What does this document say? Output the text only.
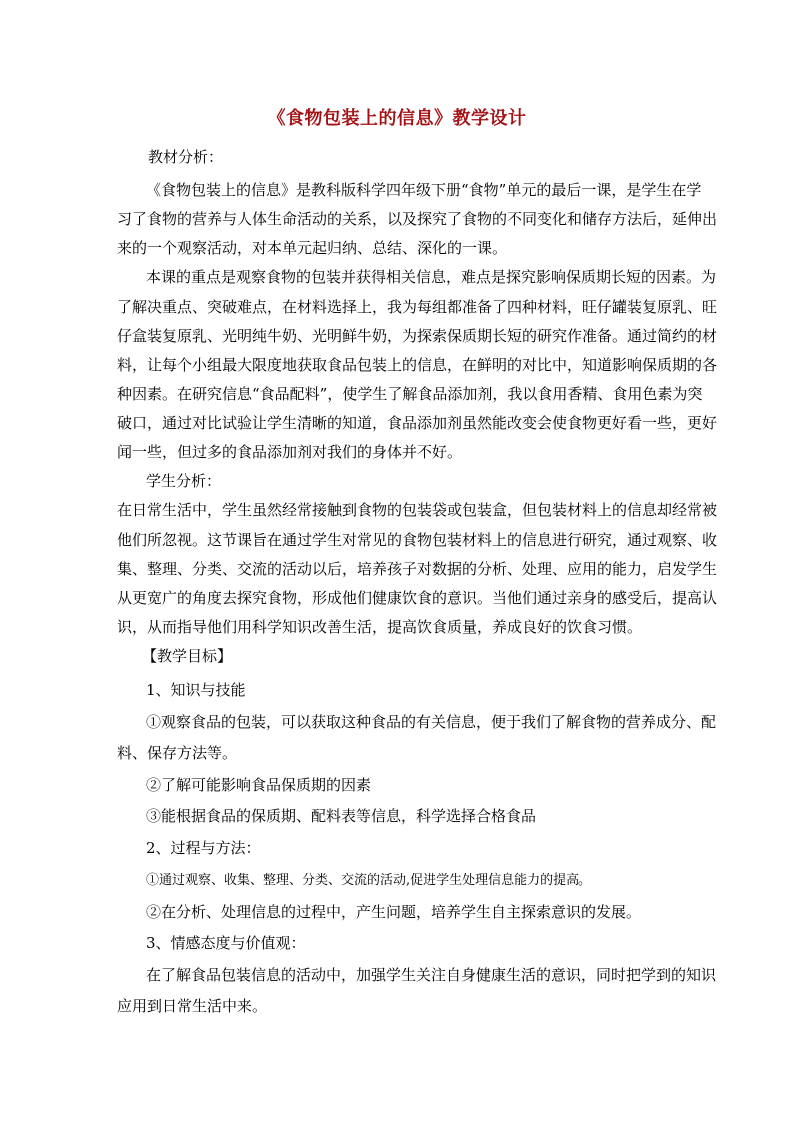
《食物包装上的信息》教学设计
教材分析：
《食物包装上的信息》是教科版科学四年级下册“食物”单元的最后一课，是学生在学
习了食物的营养与人体生命活动的关系，以及探究了食物的不同变化和储存方法后，延伸出
来的一个观察活动，对本单元起归纳、总结、深化的一课。
本课的重点是观察食物的包装并获得相关信息，难点是探究影响保质期长短的因素。为
了解决重点、突破难点，在材料选择上，我为每组都准备了四种材料，旺仔罐装复原乳、旺
仔盒装复原乳、光明纯牛奶、光明鲜牛奶，为探索保质期长短的研究作准备。通过简约的材
料，让每个小组最大限度地获取食品包装上的信息，在鲜明的对比中，知道影响保质期的各
种因素。在研究信息“食品配料”，使学生了解食品添加剂，我以食用香精、食用色素为突
破口，通过对比试验让学生清晰的知道，食品添加剂虽然能改变会使食物更好看一些，更好
闻一些，但过多的食品添加剂对我们的身体并不好。
学生分析：
在日常生活中，学生虽然经常接触到食物的包装袋或包装盒，但包装材料上的信息却经常被
他们所忽视。这节课旨在通过学生对常见的食物包装材料上的信息进行研究，通过观察、收
集、整理、分类、交流的活动以后，培养孩子对数据的分析、处理、应用的能力，启发学生
从更宽广的角度去探究食物，形成他们健康饮食的意识。当他们通过亲身的感受后，提高认
识，从而指导他们用科学知识改善生活，提高饮食质量，养成良好的饮食习惯。
【教学目标】
1、知识与技能
①观察食品的包装，可以获取这种食品的有关信息，便于我们了解食物的营养成分、配
料、保存方法等。
②了解可能影响食品保质期的因素
③能根据食品的保质期、配料表等信息，科学选择合格食品
2、过程与方法：
①通过观察、收集、整理、分类、交流的活动,促进学生处理信息能力的提高
。
②在分析、处理信息的过程中，产生问题，培养学生自主探索意识的发展。
3、情感态度与价值观：
在了解食品包装信息的活动中，加强学生关注自身健康生活的意识，同时把学到的知识
应用到日常生活中来。
